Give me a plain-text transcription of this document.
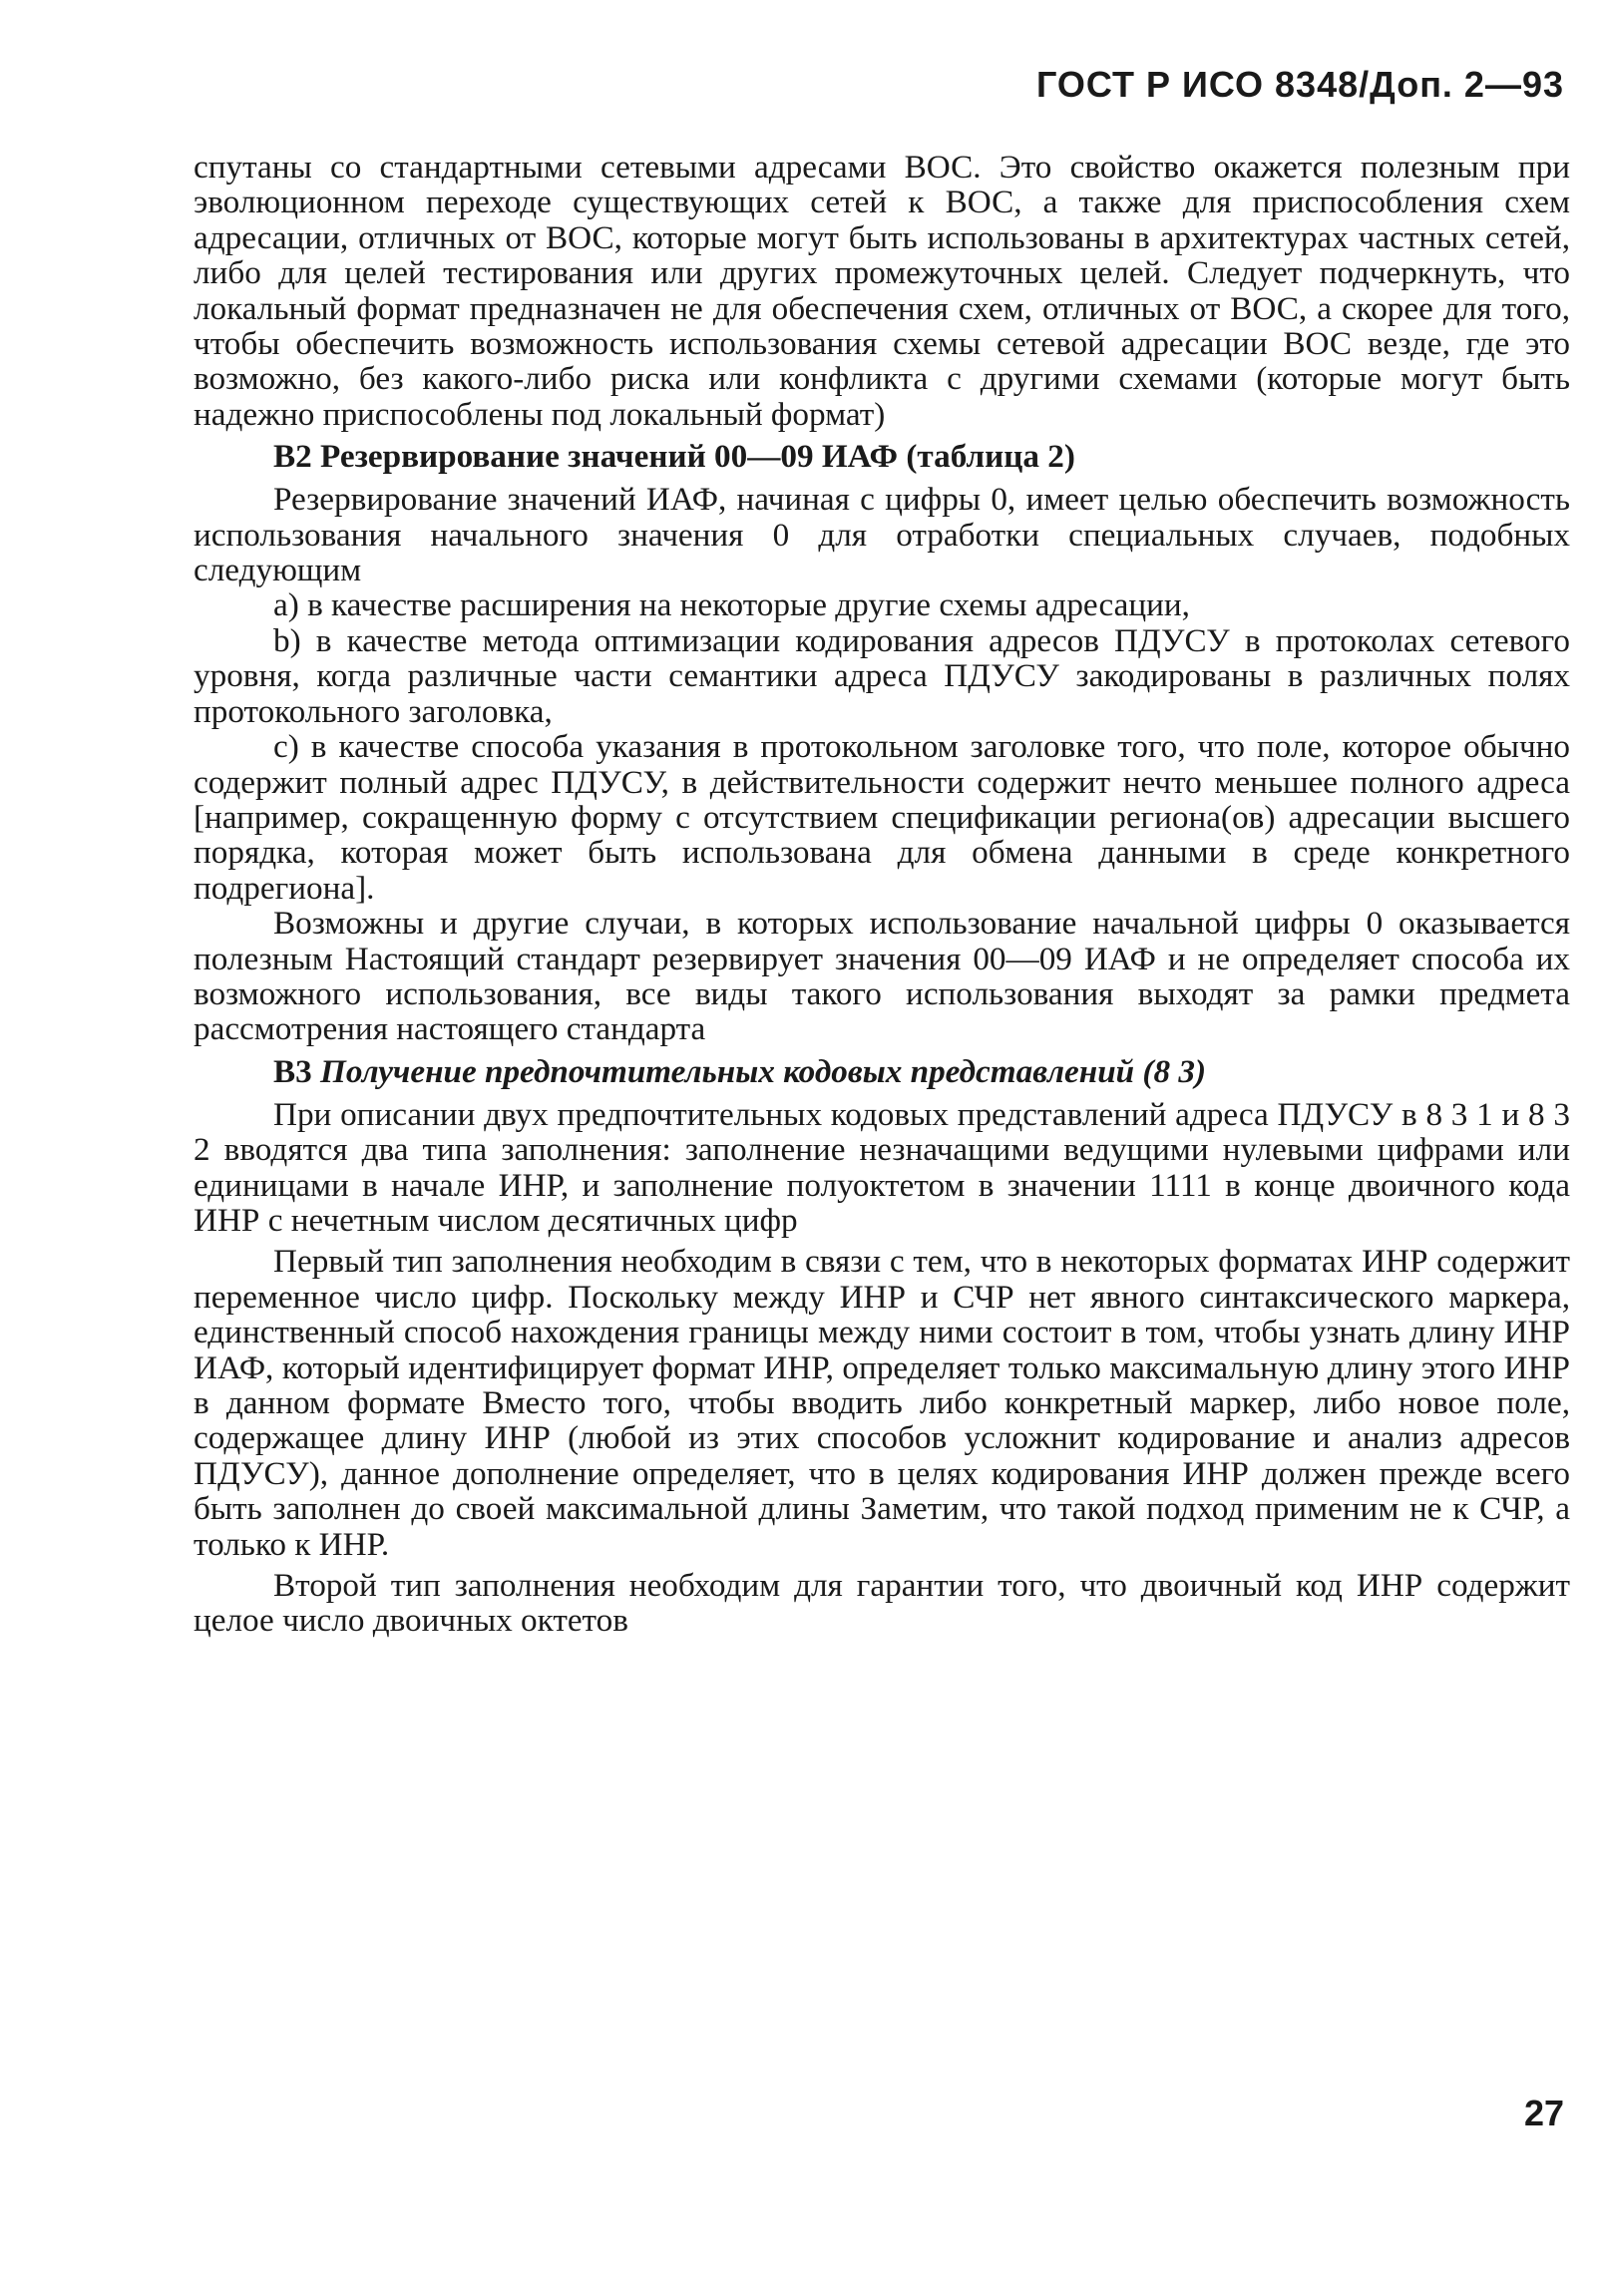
ГОСТ Р ИСО 8348/Доп. 2—93

спутаны со стандартными сетевыми адресами ВОС. Это свойство окажется полезным при эволюционном переходе существующих сетей к ВОС, а также для приспособления схем адресации, отличных от ВОС, которые могут быть использованы в архитектурах частных сетей, либо для целей тестирования или других промежуточных целей. Следует подчеркнуть, что локальный формат предназначен не для обеспечения схем, отличных от ВОС, а скорее для того, чтобы обеспечить возможность использования схемы сетевой адресации ВОС везде, где это возможно, без какого-либо риска или конфликта с другими схемами (которые могут быть надежно приспособлены под локальный формат)

В2 Резервирование значений 00—09 ИАФ (таблица 2)

Резервирование значений ИАФ, начиная с цифры 0, имеет целью обеспечить возможность использования начального значения 0 для отработки специальных случаев, подобных следующим

а) в качестве расширения на некоторые другие схемы адресации,

b) в качестве метода оптимизации кодирования адресов ПДУСУ в протоколах сетевого уровня, когда различные части семантики адреса ПДУСУ закодированы в различных полях протокольного заголовка,

с) в качестве способа указания в протокольном заголовке того, что поле, которое обычно содержит полный адрес ПДУСУ, в действительности содержит нечто меньшее полного адреса [например, сокращенную форму с отсутствием спецификации региона(ов) адресации высшего порядка, которая может быть использована для обмена данными в среде конкретного подрегиона].

Возможны и другие случаи, в которых использование начальной цифры 0 оказывается полезным Настоящий стандарт резервирует значения 00—09 ИАФ и не определяет способа их возможного использования, все виды такого использования выходят за рамки предмета рассмотрения настоящего стандарта

В3 Получение предпочтительных кодовых представлений (8 3)

При описании двух предпочтительных кодовых представлений адреса ПДУСУ в 8 3 1 и 8 3 2 вводятся два типа заполнения: заполнение незначащими ведущими нулевыми цифрами или единицами в начале ИНР, и заполнение полуоктетом в значении 1111 в конце двоичного кода ИНР с нечетным числом десятичных цифр

Первый тип заполнения необходим в связи с тем, что в некоторых форматах ИНР содержит переменное число цифр. Поскольку между ИНР и СЧР нет явного синтаксического маркера, единственный способ нахождения границы между ними состоит в том, чтобы узнать длину ИНР ИАФ, который идентифицирует формат ИНР, определяет только максимальную длину этого ИНР в данном формате Вместо того, чтобы вводить либо конкретный маркер, либо новое поле, содержащее длину ИНР (любой из этих способов усложнит кодирование и анализ адресов ПДУСУ), данное дополнение определяет, что в целях кодирования ИНР должен прежде всего быть заполнен до своей максимальной длины Заметим, что такой подход применим не к СЧР, а только к ИНР.

Второй тип заполнения необходим для гарантии того, что двоичный код ИНР содержит целое число двоичных октетов

27
